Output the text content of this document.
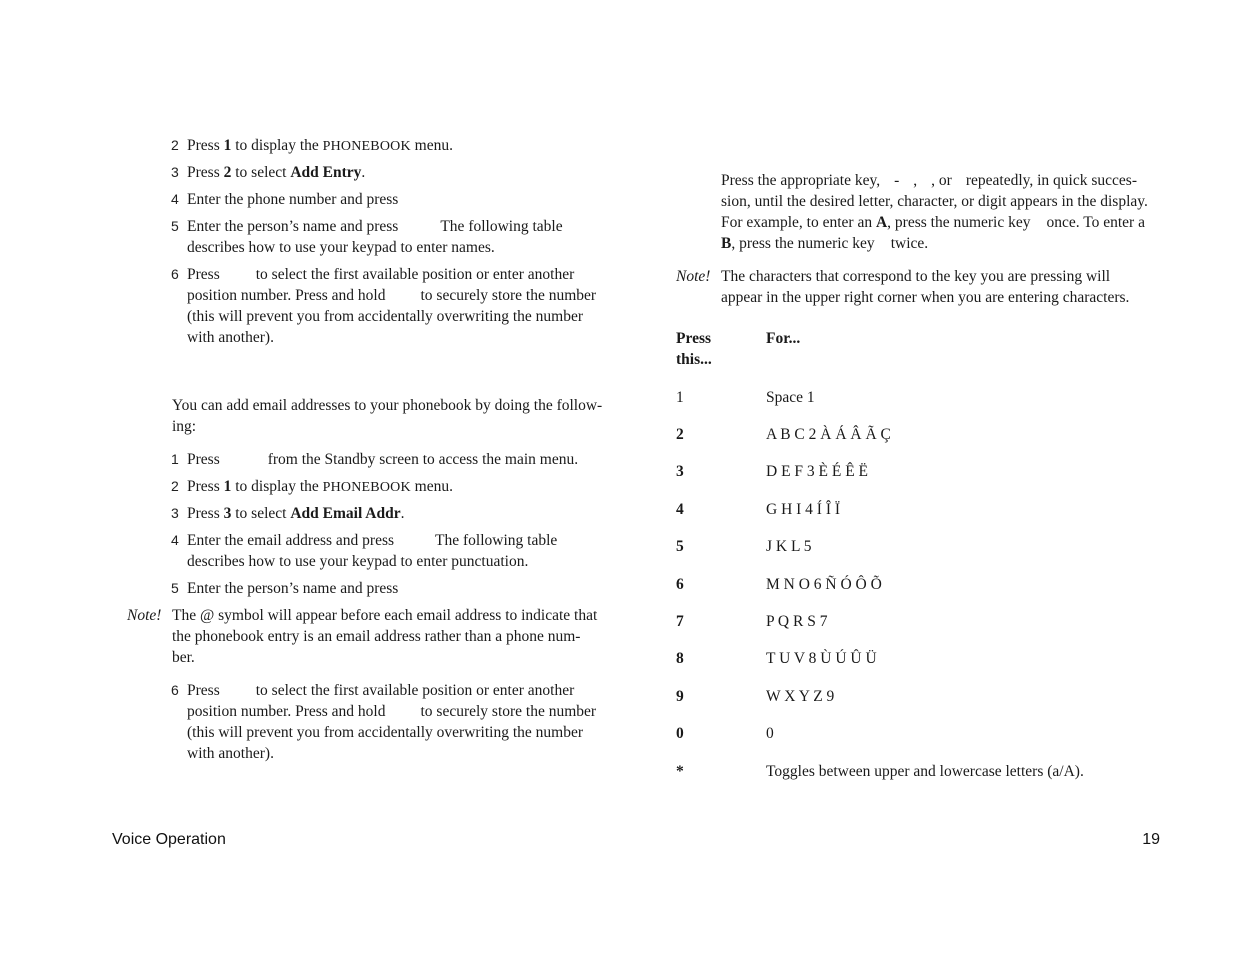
2 Press 1 to display the PHONEBOOK menu.
3 Press 2 to select Add Entry.
4 Enter the phone number and press
5 Enter the person’s name and press	The following table
describes how to use your keypad to enter names.
6 Press to select the first available position or enter another
position number. Press and hold to securely store the number
(this will prevent you from accidentally overwriting the number
with another).
You can add email addresses to your phonebook by doing the follow-
ing:
1 Press	from the Standby screen to access the main menu.
2 Press 1 to display the PHONEBOOK menu.
3 Press 3 to select Add Email Addr.
4 Enter the email address and press	The following table
describes how to use your keypad to enter punctuation.
5 Enter the person’s name and press
Note! The @ symbol will appear before each email address to indicate that
the phonebook entry is an email address rather than a phone num-
ber.
6 Press to select the first available position or enter another
position number. Press and hold to securely store the number
(this will prevent you from accidentally overwriting the number
with another).
Press the appropriate key, - , , or repeatedly, in quick succes-
sion, until the desired letter, character, or digit appears in the display.
For example, to enter an A, press the numeric key once. To enter a
B, press the numeric key twice.
Note! The characters that correspond to the key you are pressing will
appear in the upper right corner when you are entering characters.
Press
this...
For...
1	Space 1
2	A B C 2 À Á Â Ã Ç
3	D E F 3 È É Ê Ë
4	G H I 4 Í Î Ï
5	J K L 5
6	M N O 6 Ñ Ó Ô Õ
7	P Q R S 7
8	T U V 8 Ù Ú Û Ü
9	W X Y Z 9
0	0
*	Toggles between upper and lowercase letters (a/A).
Voice Operation	19
